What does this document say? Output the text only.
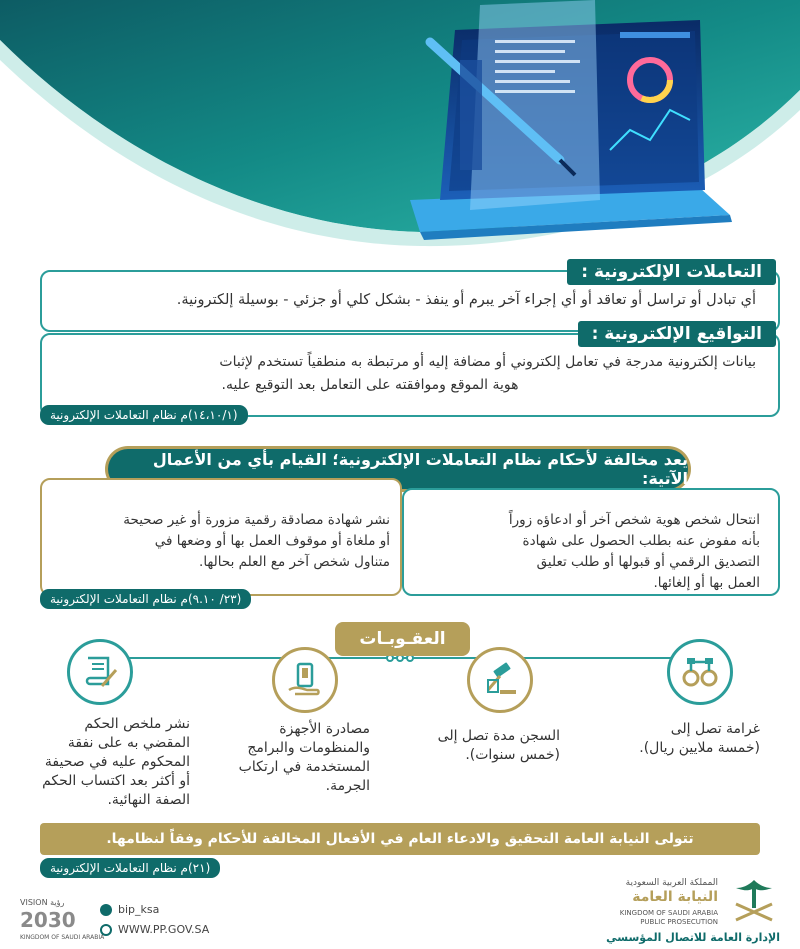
التعاملات الإلكترونية :
أي تبادل أو تراسل أو تعاقد أو أي إجراء آخر يبرم أو ينفذ - بشكل كلي أو جزئي - بوسيلة إلكترونية.
التواقيع الإلكترونية :
بيانات إلكترونية مدرجة في تعامل إلكتروني أو مضافة إليه أو مرتبطة به منطقياً تستخدم لإثبات
هوية الموقع وموافقته على التعامل بعد التوقيع عليه.
(١٤،١٠/١)م نظام التعاملات الإلكترونية
يعد مخالفة لأحكام نظام التعاملات الإلكترونية؛ القيام بأي من الأعمال الآتية:
انتحال شخص هوية شخص آخر أو ادعاؤه زوراً
بأنه مفوض عنه بطلب الحصول على شهادة
التصديق الرقمي أو قبولها أو طلب تعليق
العمل بها أو إلغائها.
نشر شهادة مصادقة رقمية مزورة أو غير صحيحة
أو ملغاة أو موقوف العمل بها أو وضعها في
متناول شخص آخر مع العلم بحالها.
(٢٣/ ٩.١٠)م نظام التعاملات الإلكترونية
العقـوبـات
غرامة تصل إلى
(خمسة ملايين ريال).
السجن مدة تصل إلى
(خمس سنوات).
مصادرة الأجهزة
والمنظومات والبرامج
المستخدمة في ارتكاب
الجرمة.
نشر ملخص الحكم
المقضي به على نفقة
المحكوم عليه في صحيفة
أو أكثر بعد اكتساب الحكم
الصفة النهائية.
تتولى النيابة العامة التحقيق والادعاء العام في الأفعال المخالفة للأحكام وفقاً لنظامها.
(٢١)م نظام التعاملات الإلكترونية
المملكة العربية السعودية
النيابة العامة
KINGDOM OF SAUDI ARABIA
PUBLIC PROSECUTION
الإدارة العامة للاتصال المؤسسي
bip_ksa
WWW.PP.GOV.SA
VISION رؤية
2030
KINGDOM OF SAUDI ARABIA
